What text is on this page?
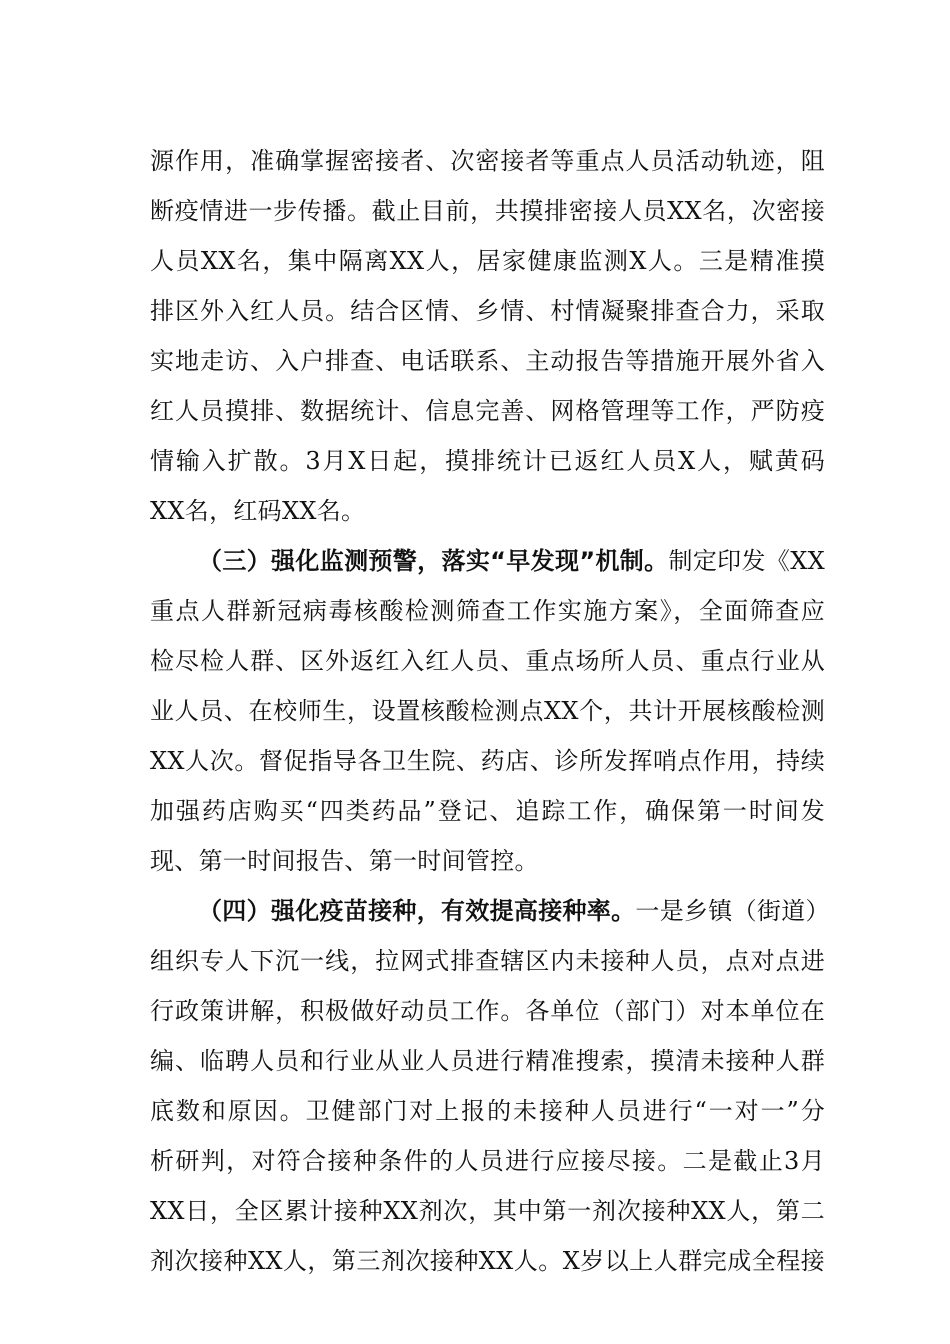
源作用，准确掌握密接者、次密接者等重点人员活动轨迹，阻
断疫情进一步传播。截止目前，共摸排密接人员XX名，次密接
人员XX名，集中隔离XX人，居家健康监测X人。三是精准摸
排区外入红人员。结合区情、乡情、村情凝聚排查合力，采取
实地走访、入户排查、电话联系、主动报告等措施开展外省入
红人员摸排、数据统计、信息完善、网格管理等工作，严防疫
情输入扩散。3月X日起，摸排统计已返红人员X人，赋黄码
XX名，红码XX名。
（三）强化监测预警，落实“早发现”机制。制定印发《XX
重点人群新冠病毒核酸检测筛查工作实施方案》，全面筛查应
检尽检人群、区外返红入红人员、重点场所人员、重点行业从
业人员、在校师生，设置核酸检测点XX个，共计开展核酸检测
XX人次。督促指导各卫生院、药店、诊所发挥哨点作用，持续
加强药店购买“四类药品”登记、追踪工作，确保第一时间发
现、第一时间报告、第一时间管控。
（四）强化疫苗接种，有效提高接种率。一是乡镇（街道）
组织专人下沉一线，拉网式排查辖区内未接种人员，点对点进
行政策讲解，积极做好动员工作。各单位（部门）对本单位在
编、临聘人员和行业从业人员进行精准搜索，摸清未接种人群
底数和原因。卫健部门对上报的未接种人员进行“一对一”分
析研判，对符合接种条件的人员进行应接尽接。二是截止3月
XX日，全区累计接种XX剂次，其中第一剂次接种XX人，第二
剂次接种XX人，第三剂次接种XX人。X岁以上人群完成全程接
